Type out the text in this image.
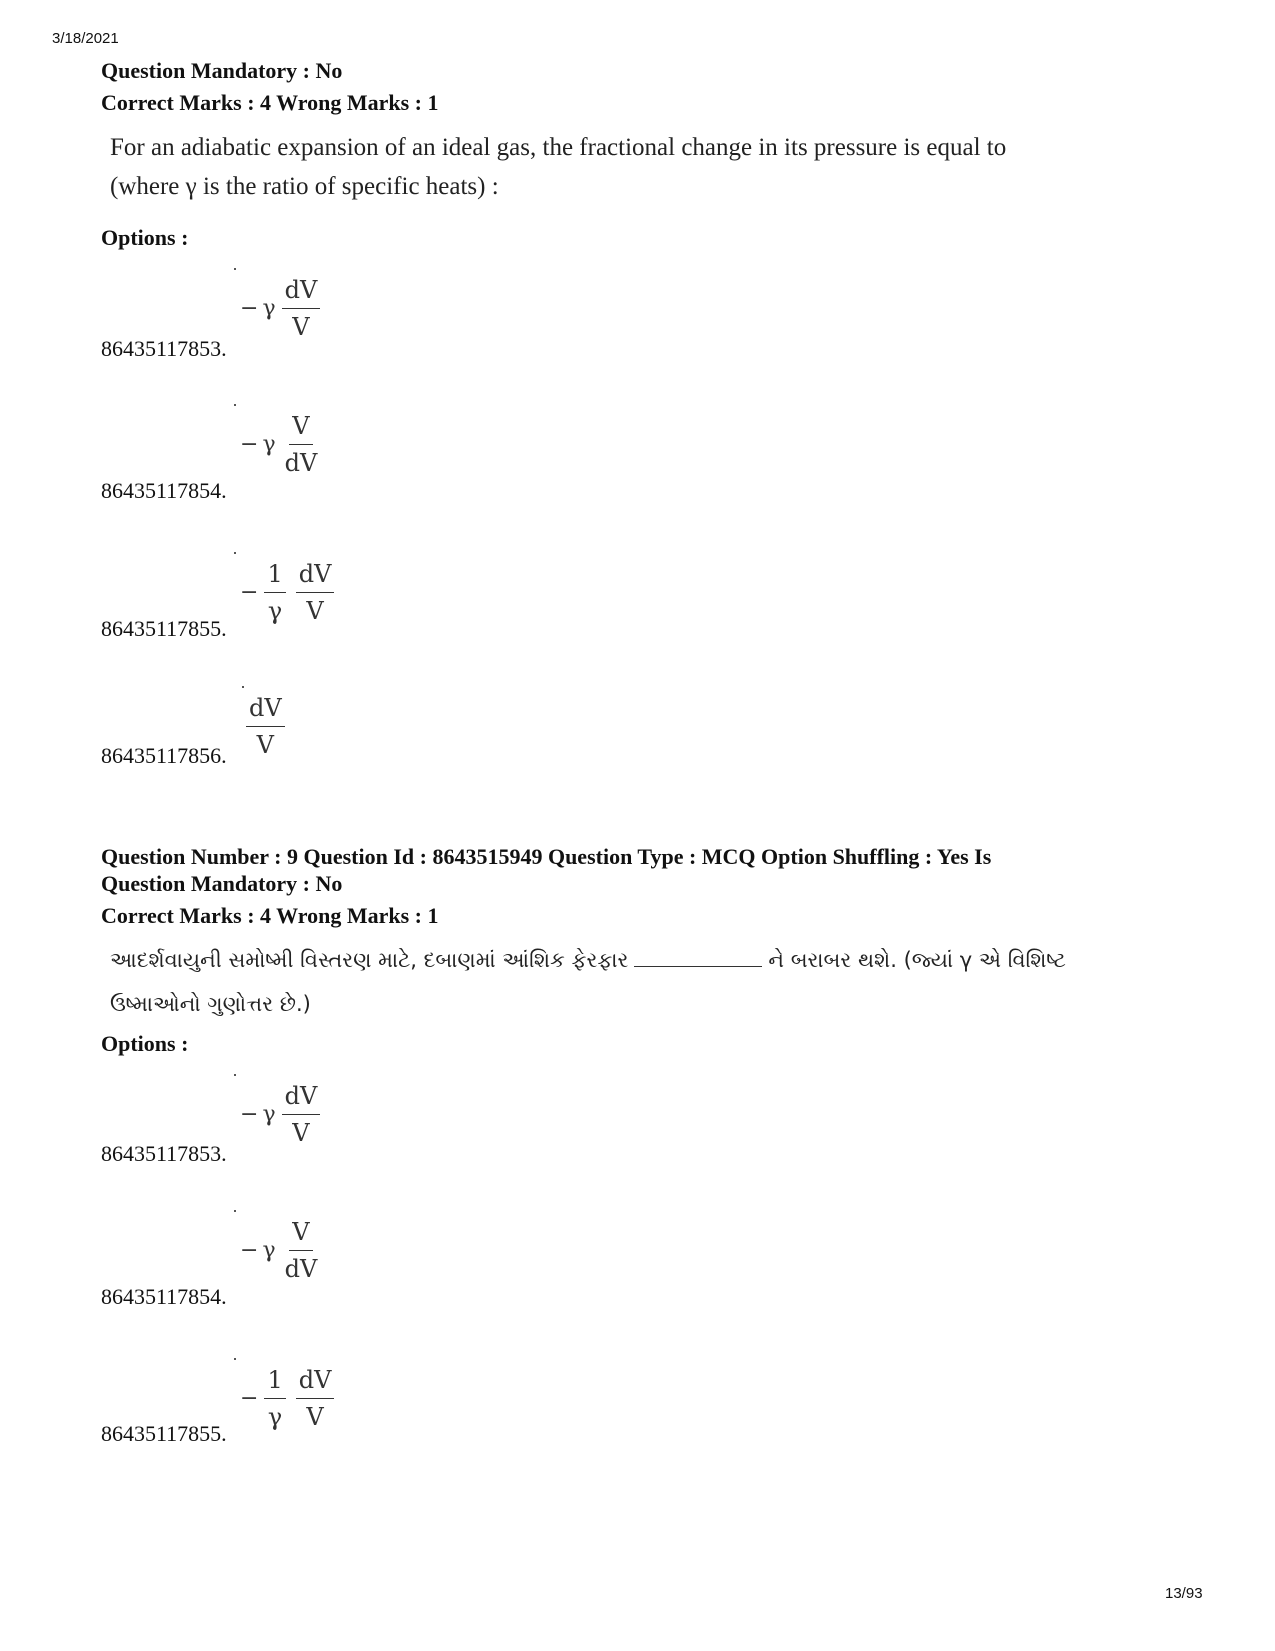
3/18/2021
Question Mandatory : No
Correct Marks : 4 Wrong Marks : 1
For an adiabatic expansion of an ideal gas, the fractional change in its pressure is equal to
(where γ is the ratio of specific heats) :
Options :
− γ $\frac{dV}{V}$
86435117853.
− γ $\frac{V}{dV}$
86435117854.
− $\frac{1}{\gamma} \frac{dV}{V}$
86435117855.
$\frac{dV}{V}$
86435117856.
Question Number : 9 Question Id : 8643515949 Question Type : MCQ Option Shuffling : Yes Is
Question Mandatory : No
Correct Marks : 4 Wrong Marks : 1
આદર્શવાયુની સમોષ્મી વિસ્તરણ માટે, દબાણમાં આંશિક ફેરફાર	ને બરાબર થશે. (જ્યાં γ એ વિશિષ્ટ
ઉષ્માઓનો ગુણોત્તર છે.)
Options :
− γ $\frac{dV}{V}$
86435117853.
− γ $\frac{V}{dV}$
86435117854.
− $\frac{1}{\gamma} \frac{dV}{V}$
86435117855.
13/93
